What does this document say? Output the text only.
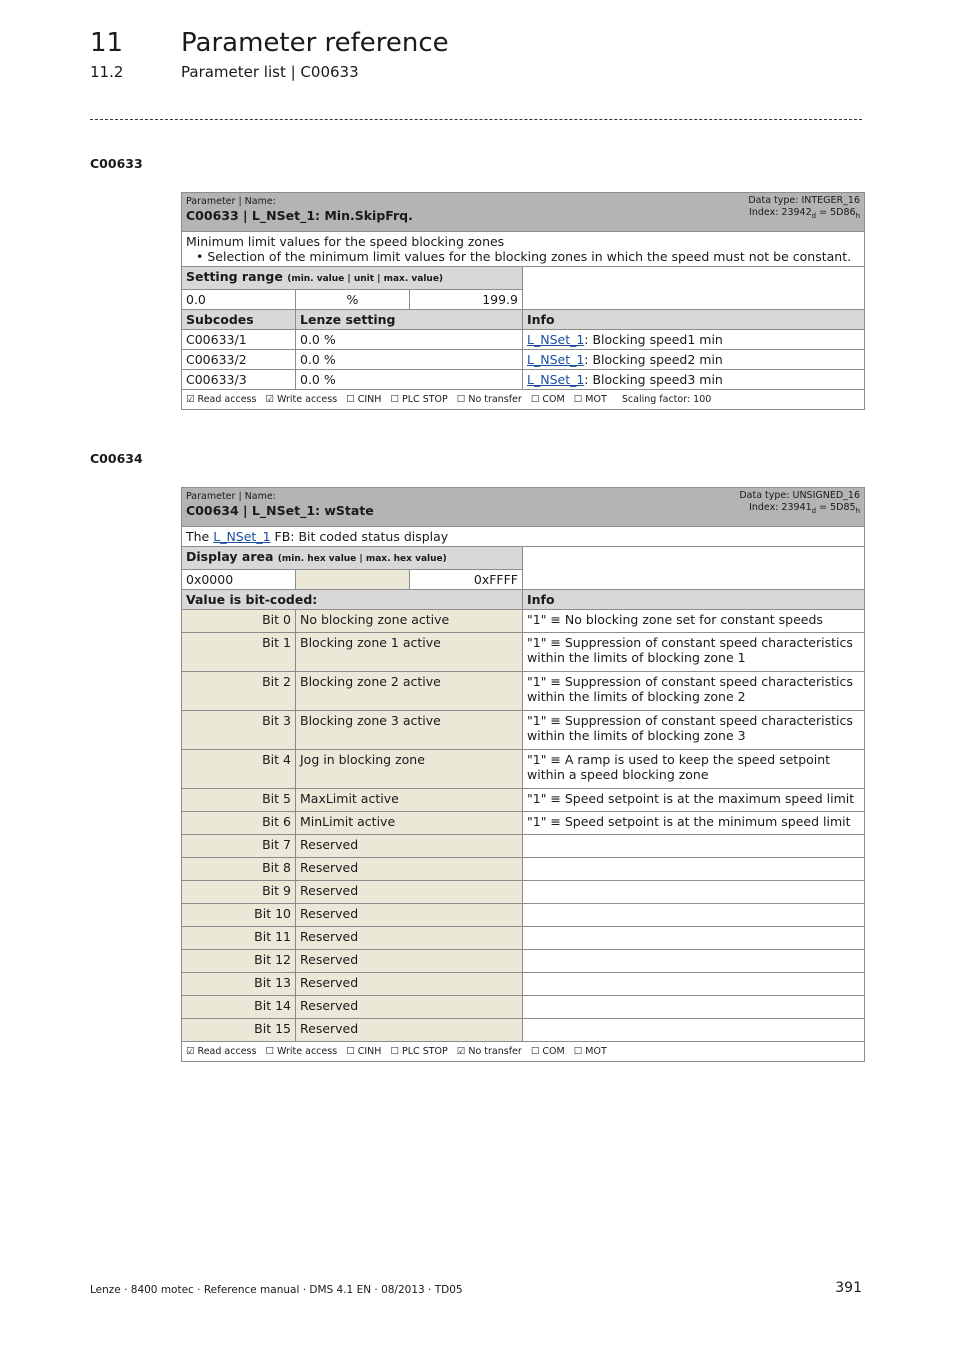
11 Parameter reference
11.2	Parameter list | C00633
C00633
Parameter | Name:
C00633 | L_NSet_1: Min.SkipFrq.
Data type: INTEGER_16
Index: $23942_d = 5D86_h$

Minimum limit values for the speed blocking zones
• Selection of the minimum limit values for the blocking zones in which the speed must not be constant.			

Setting range (min. value | unit | max. value)			
0.0	%	199.9	
Subcodes	Lenze setting		Info
C00633/1	0.0 %		L_NSet_1: Blocking speed1 min
C00633/2	0.0 %		L_NSet_1: Blocking speed2 min
C00633/3	0.0 %		L_NSet_1: Blocking speed3 min
☑ Read access   ☑ Write access   ☐ CINH   ☐ PLC STOP   ☐ No transfer   ☐ COM   ☐ MOT     Scaling factor: 100			
C00634
Parameter | Name:
C00634 | L_NSet_1: wState
Data type: UNSIGNED_16
Index: $23941_d = 5D85_h$

The L_NSet_1 FB: Bit coded status display			
Display area (min. hex value | max. hex value)			
0x0000		0xFFFF	
Value is bit-coded:			Info
Bit 0	No blocking zone active		"1" ≡ No blocking zone set for constant speeds
Bit 1	Blocking zone 1 active		"1" ≡ Suppression of constant speed characteristics within the limits of blocking zone 1
Bit 2	Blocking zone 2 active		"1" ≡ Suppression of constant speed characteristics within the limits of blocking zone 2
Bit 3	Blocking zone 3 active		"1" ≡ Suppression of constant speed characteristics within the limits of blocking zone 3
Bit 4	Jog in blocking zone		"1" ≡ A ramp is used to keep the speed setpoint within a speed blocking zone
Bit 5	MaxLimit active		"1" ≡ Speed setpoint is at the maximum speed limit
Bit 6	MinLimit active		"1" ≡ Speed setpoint is at the minimum speed limit
Bit 7	Reserved		
Bit 8	Reserved		
Bit 9	Reserved		
Bit 10	Reserved		
Bit 11	Reserved		
Bit 12	Reserved		
Bit 13	Reserved		
Bit 14	Reserved		
Bit 15	Reserved		
☑ Read access   ☐ Write access   ☐ CINH   ☐ PLC STOP   ☑ No transfer   ☐ COM   ☐ MOT			
Lenze · 8400 motec · Reference manual · DMS 4.1 EN · 08/2013 · TD05	391
